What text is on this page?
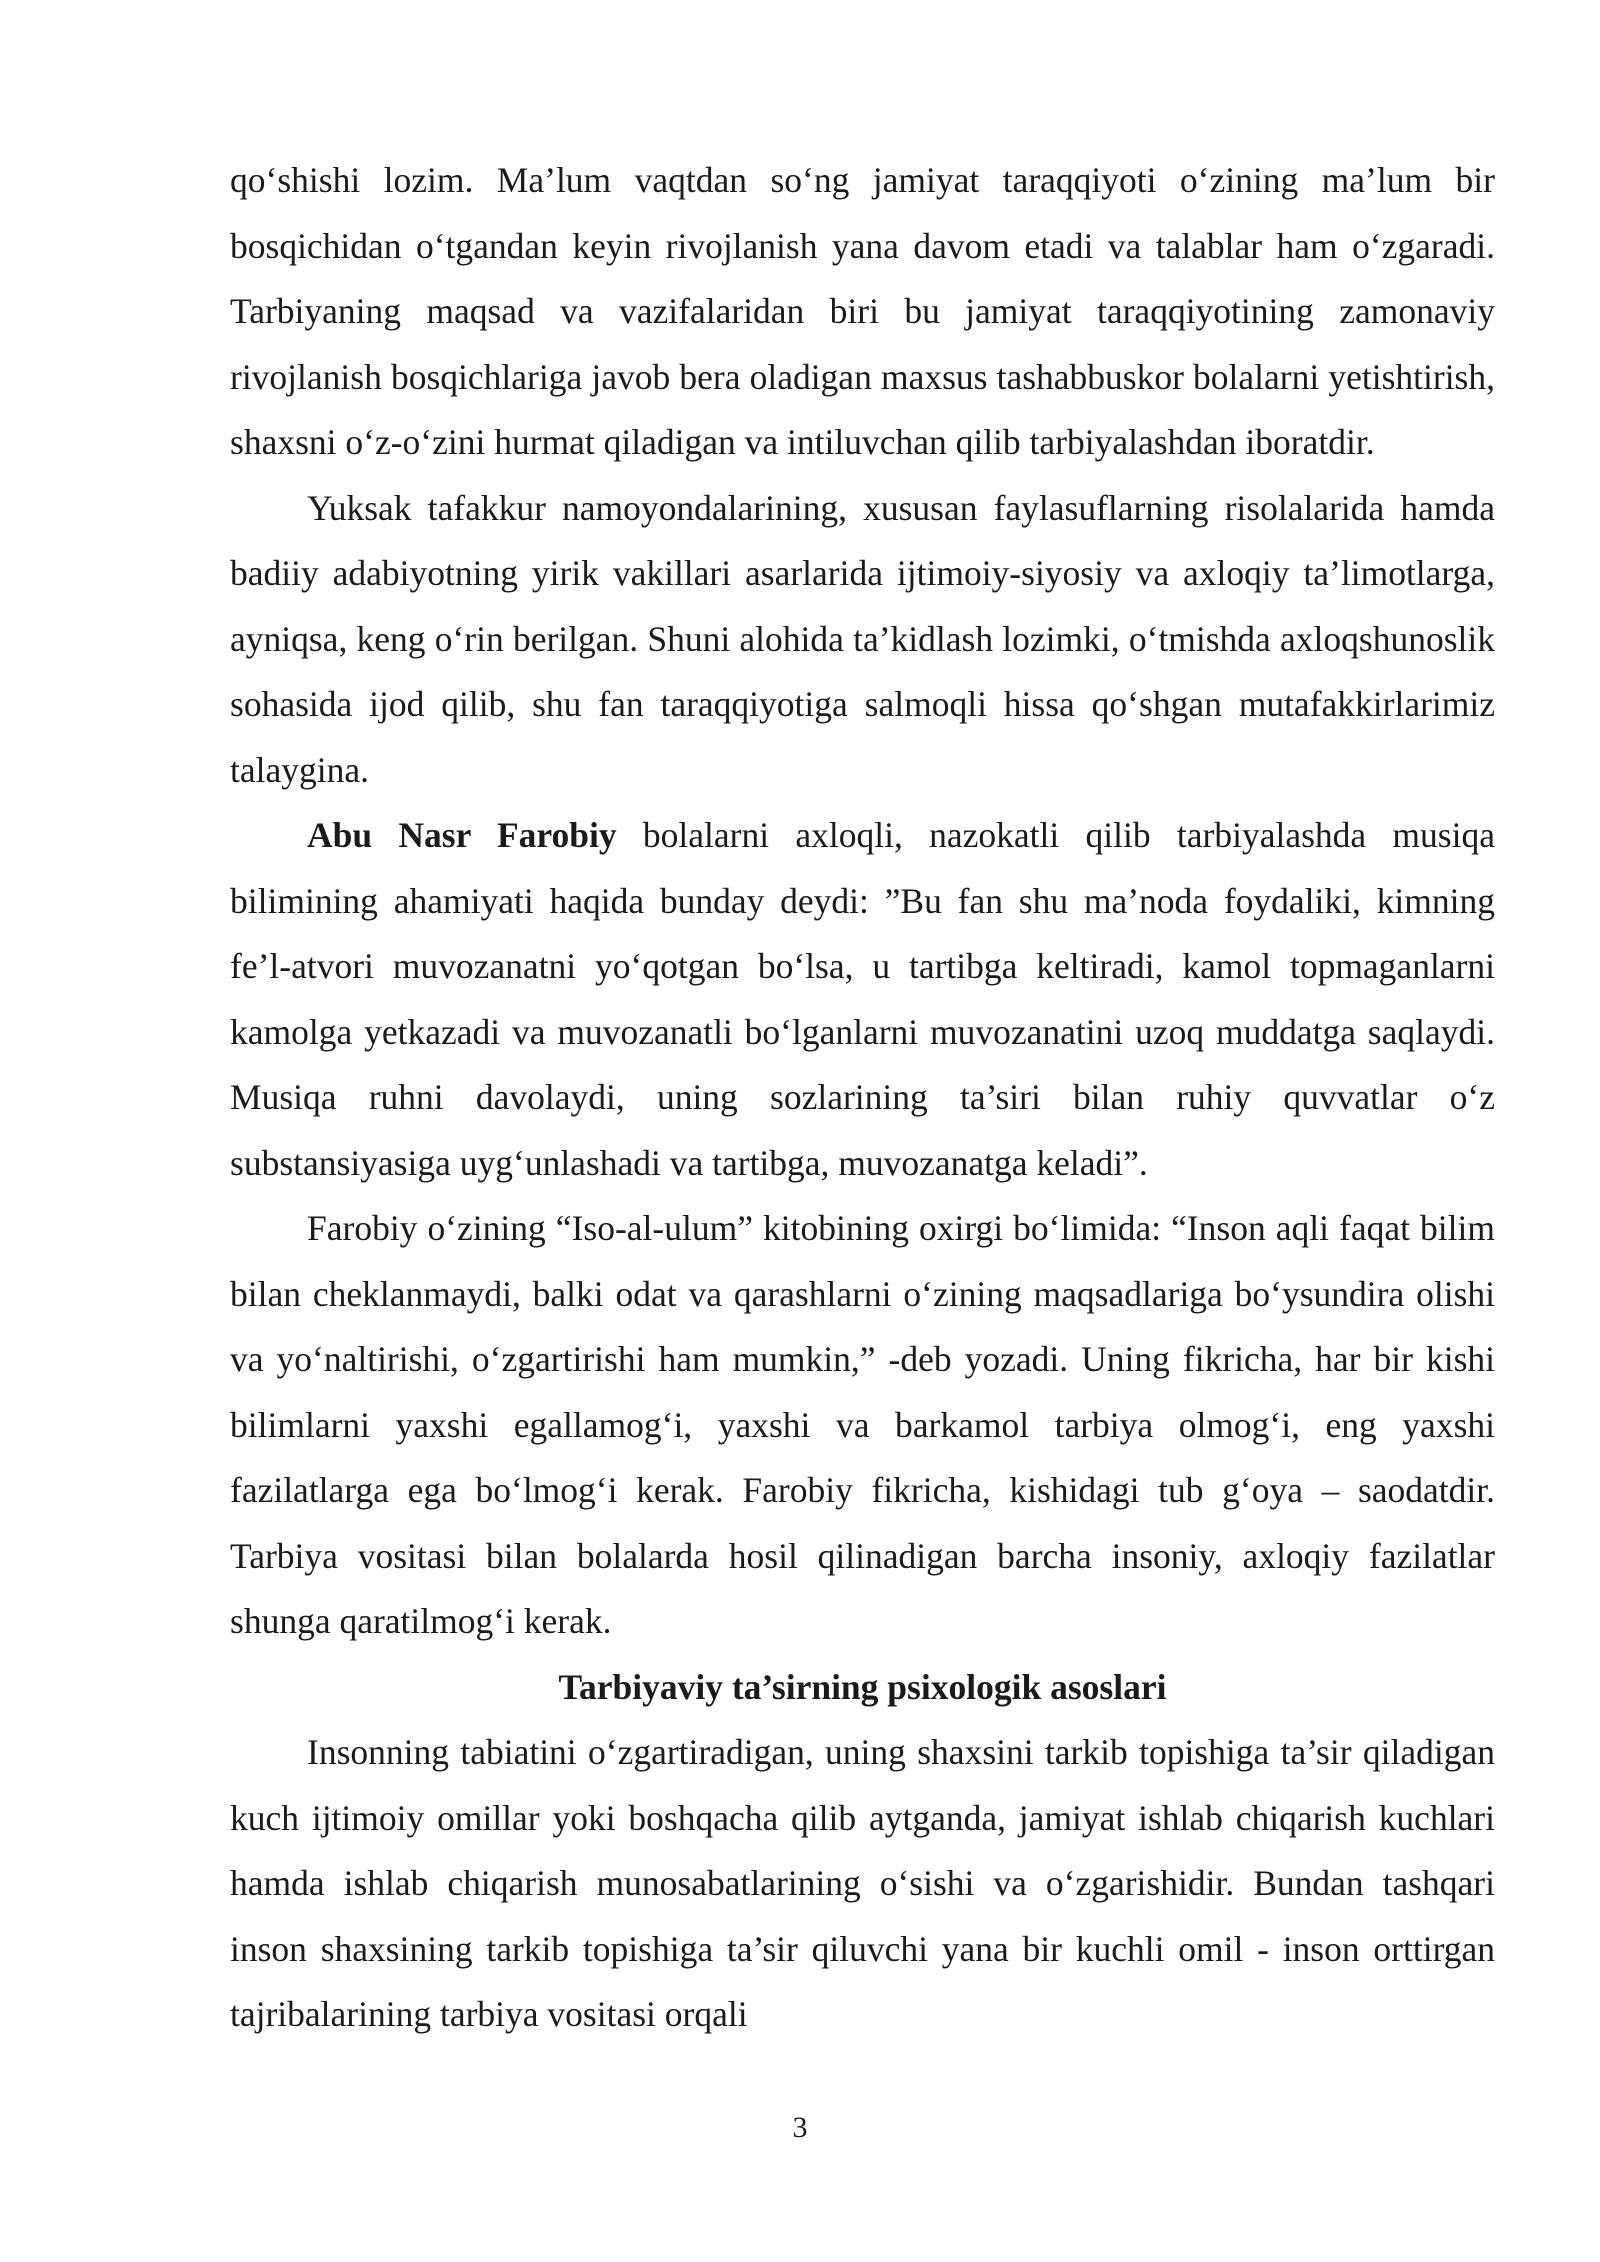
qo‘shishi lozim. Ma’lum vaqtdan so‘ng jamiyat taraqqiyoti o‘zining ma’lum bir bosqichidan o‘tgandan keyin rivojlanish yana davom etadi va talablar ham o‘zgaradi. Tarbiyaning maqsad va vazifalaridan biri bu jamiyat taraqqiyotining zamonaviy rivojlanish bosqichlariga javob bera oladigan maxsus tashabbuskor bolalarni yetishtirish, shaxsni o‘z-o‘zini hurmat qiladigan va intiluvchan qilib tarbiyalashdan iboratdir.

Yuksak tafakkur namoyondalarining, xususan faylasuflarning risolalarida hamda badiiy adabiyotning yirik vakillari asarlarida ijtimoiy-siyosiy va axloqiy ta’limotlarga, ayniqsa, keng o‘rin berilgan. Shuni alohida ta’kidlash lozimki, o‘tmishda axloqshunoslik sohasida ijod qilib, shu fan taraqqiyotiga salmoqli hissa qo‘shgan mutafakkirlarimiz talaygina.

Abu Nasr Farobiy bolalarni axloqli, nazokatli qilib tarbiyalashda musiqa bilimining ahamiyati haqida bunday deydi: ”Bu fan shu ma’noda foydaliki, kimning fe’l-atvori muvozanatni yo‘qotgan bo‘lsa, u tartibga keltiradi, kamol topmaganlarni kamolga yetkazadi va muvozanatli bo‘lganlarni muvozanatini uzoq muddatga saqlaydi. Musiqa ruhni davolaydi, uning sozlarining ta’siri bilan ruhiy quvvatlar o‘z substansiyasiga uyg‘unlashadi va tartibga, muvozanatga keladi”.

Farobiy o‘zining “Iso-al-ulum” kitobining oxirgi bo‘limida: “Inson aqli faqat bilim bilan cheklanmaydi, balki odat va qarashlarni o‘zining maqsadlariga bo‘ysundira olishi va yo‘naltirishi, o‘zgartirishi ham mumkin,” -deb yozadi. Uning fikricha, har bir kishi bilimlarni yaxshi egallamog‘i, yaxshi va barkamol tarbiya olmog‘i, eng yaxshi fazilatlarga ega bo‘lmog‘i kerak. Farobiy fikricha, kishidagi tub g‘oya – saodatdir. Tarbiya vositasi bilan bolalarda hosil qilinadigan barcha insoniy, axloqiy fazilatlar shunga qaratilmog‘i kerak.

Tarbiyaviy ta’sirning psixologik asoslari

Insonning tabiatini o‘zgartiradigan, uning shaxsini tarkib topishiga ta’sir qiladigan kuch ijtimoiy omillar yoki boshqacha qilib aytganda, jamiyat ishlab chiqarish kuchlari hamda ishlab chiqarish munosabatlarining o‘sishi va o‘zgarishidir. Bundan tashqari inson shaxsining tarkib topishiga ta’sir qiluvchi yana bir kuchli omil - inson orttirgan tajribalarining tarbiya vositasi orqali

3
